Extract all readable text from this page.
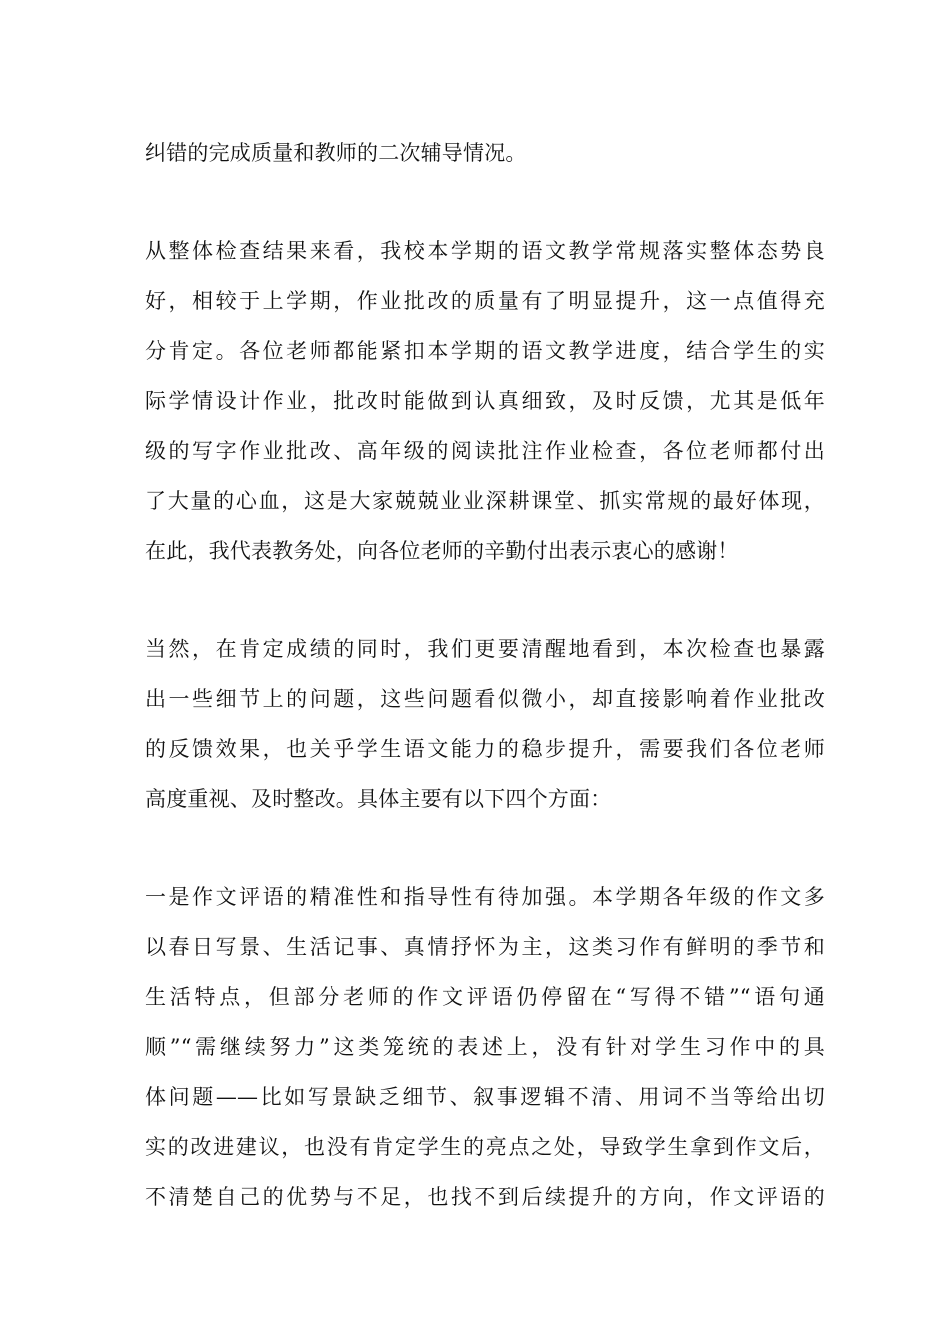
纠错的完成质量和教师的二次辅导情况。
从整体检查结果来看，我校本学期的语文教学常规落实整体态势良
好，相较于上学期，作业批改的质量有了明显提升，这一点值得充
分肯定。各位老师都能紧扣本学期的语文教学进度，结合学生的实
际学情设计作业，批改时能做到认真细致，及时反馈，尤其是低年
级的写字作业批改、高年级的阅读批注作业检查，各位老师都付出
了大量的心血，这是大家兢兢业业深耕课堂、抓实常规的最好体现，
在此，我代表教务处，向各位老师的辛勤付出表示衷心的感谢！
当然，在肯定成绩的同时，我们更要清醒地看到，本次检查也暴露
出一些细节上的问题，这些问题看似微小，却直接影响着作业批改
的反馈效果，也关乎学生语文能力的稳步提升，需要我们各位老师
高度重视、及时整改。具体主要有以下四个方面：
一是作文评语的精准性和指导性有待加强。本学期各年级的作文多
以春日写景、生活记事、真情抒怀为主，这类习作有鲜明的季节和
生活特点，但部分老师的作文评语仍停留在“写得不错”“语句通
顺”“需继续努力”这类笼统的表述上，没有针对学生习作中的具
体问题——比如写景缺乏细节、叙事逻辑不清、用词不当等给出切
实的改进建议，也没有肯定学生的亮点之处，导致学生拿到作文后，
不清楚自己的优势与不足，也找不到后续提升的方向，作文评语的
